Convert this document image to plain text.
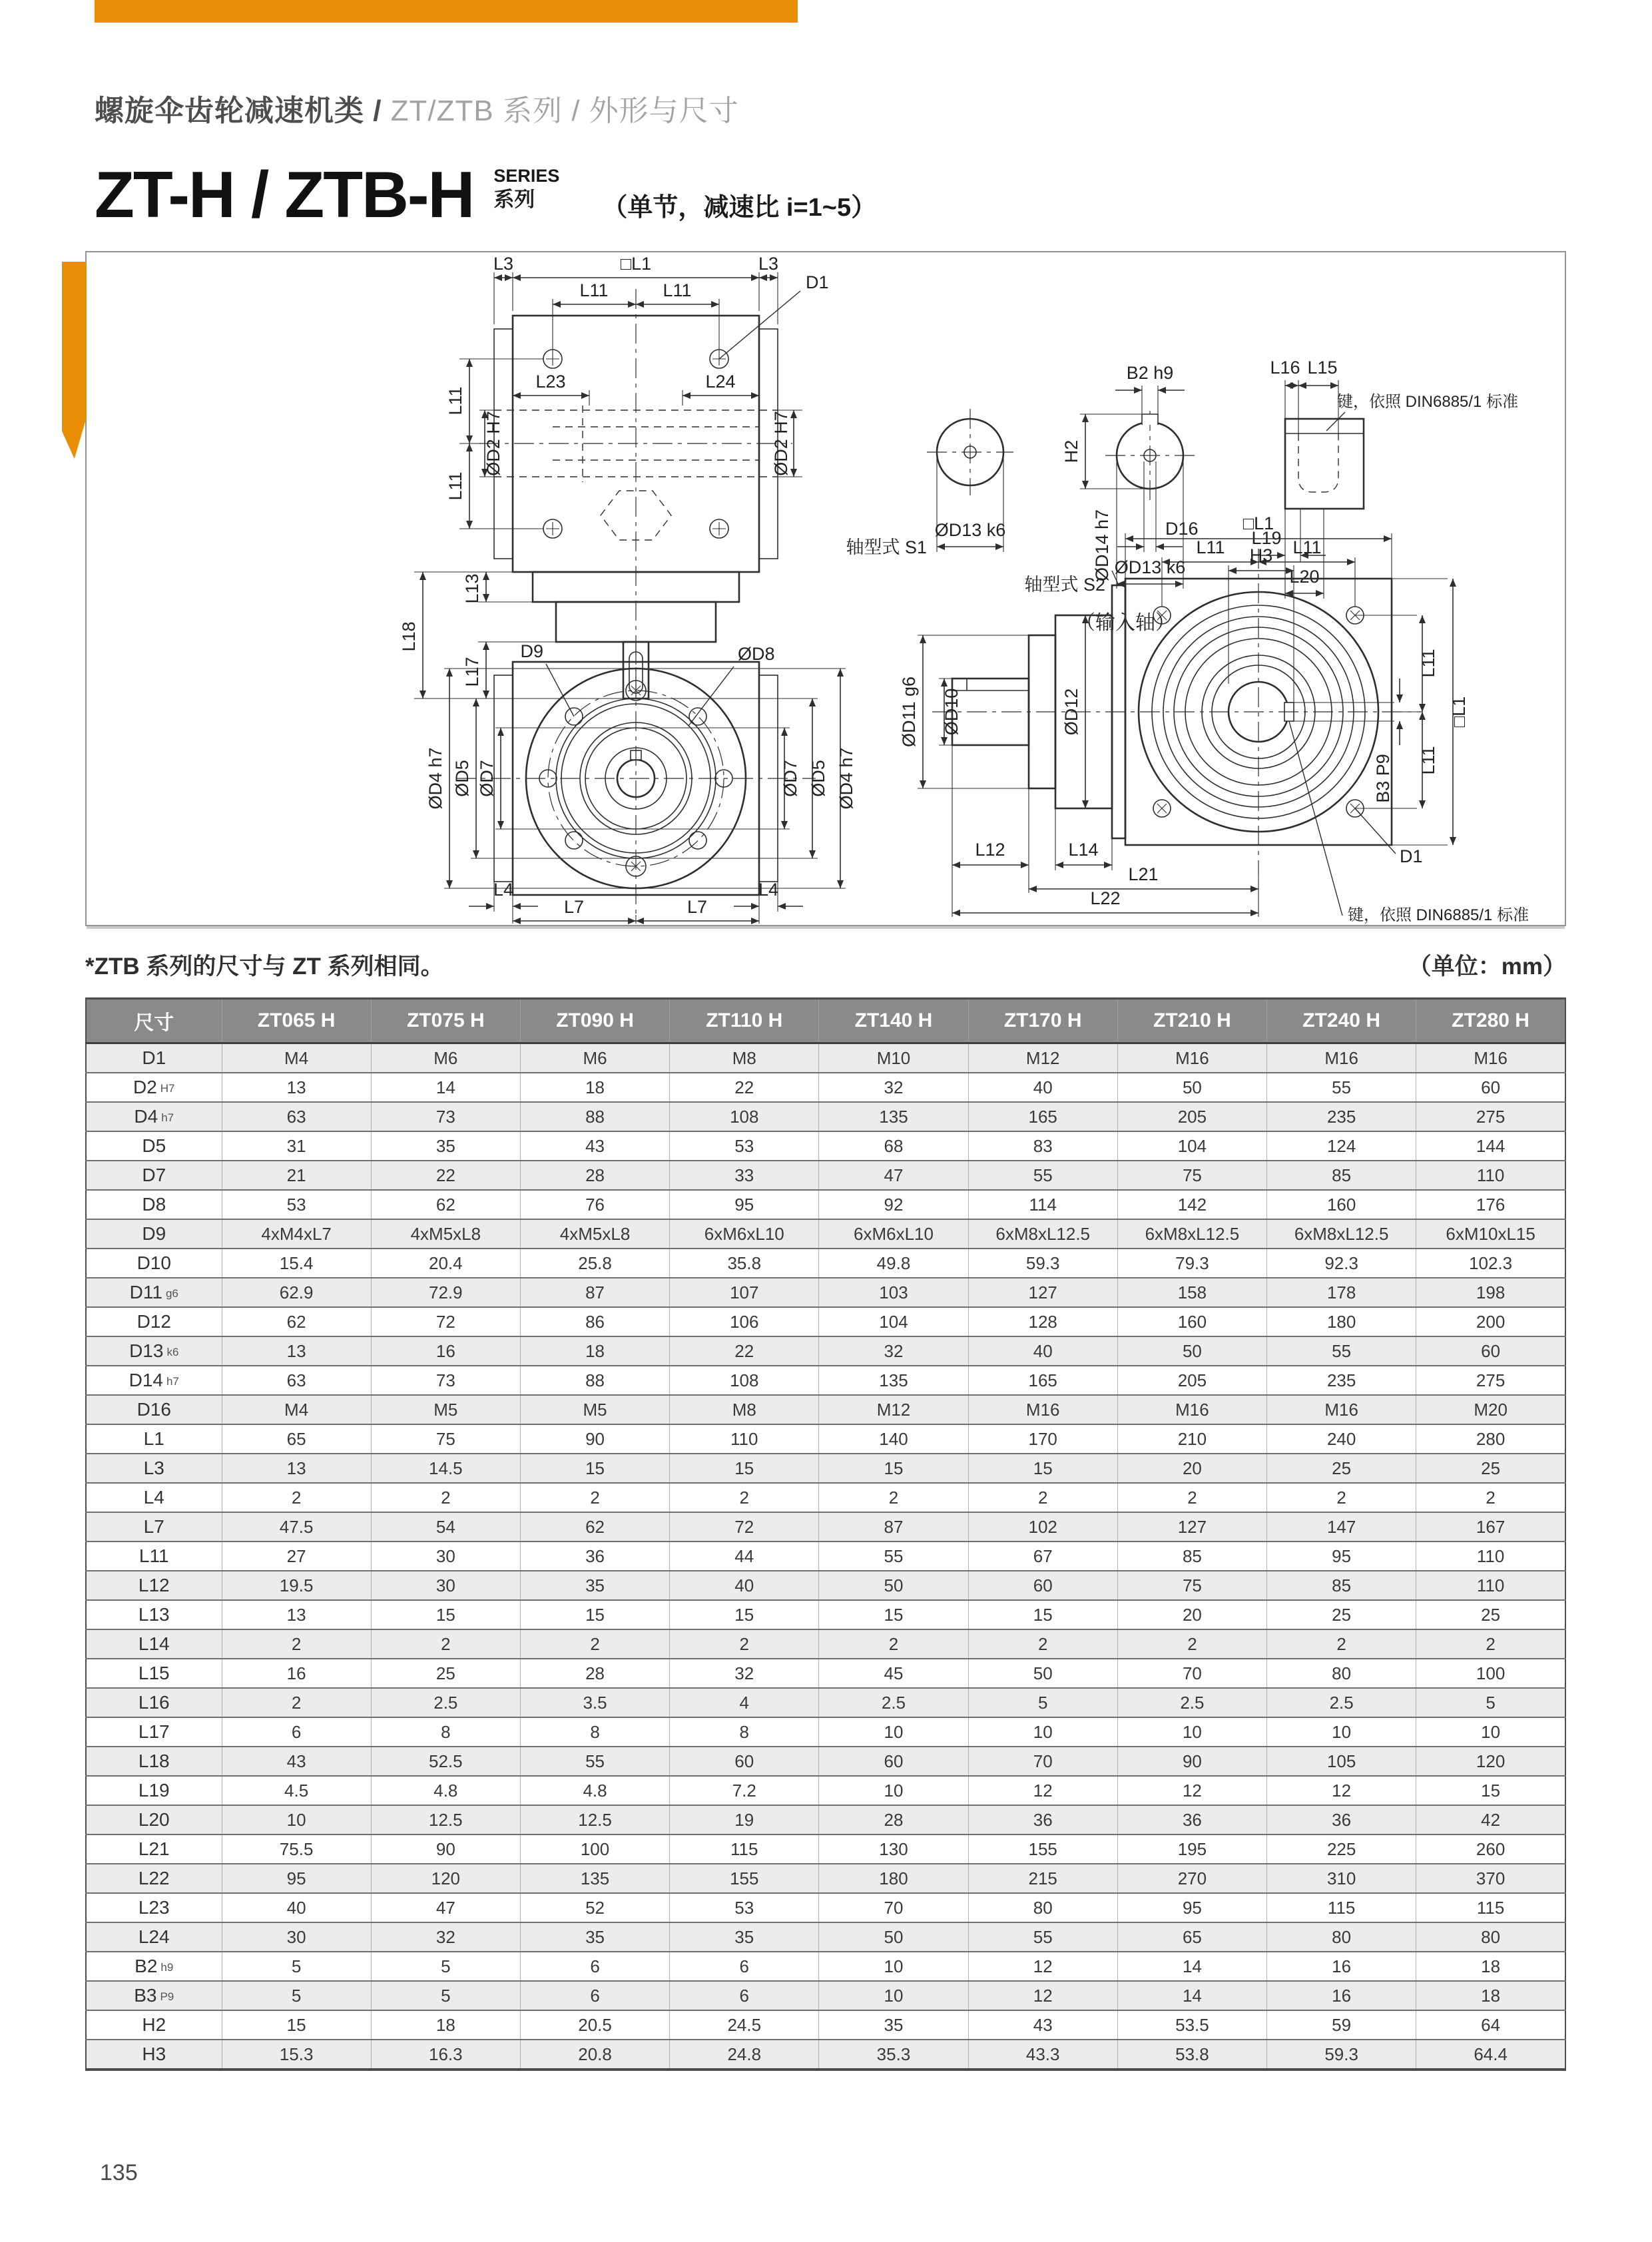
螺旋伞齿轮减速机类 / ZT/ZTB 系列 / 外形与尺寸
ZT-H / ZTB-H SERIES
系列	（单节，减速比 i=1~5）
L3	□L1	L3
L11	L11	D1
L23	L24
ØD2 H7
L11
L11
ØD2 H7
L13
L17
L18
ØD13 k6
轴型式 S1
B2 h9
H2
D16
ØD13 k6
轴型式 S2
（输入轴）
L16 L15
键，依照 DIN6885/1 标准
L19
L20
D9	ØD8
ØD4 h7 ØD5 ØD7	ØD7 ØD5 ØD4 h7
L4	L4
L7	L7
ØD14 h7
ØD12
ØD11 g6 ØD10
□L1
L11	L11
H3
L11
L11
□L1
B3 P9
D1
键，依照 DIN6885/1 标准
L12	L14
L21
L22
*ZTB 系列的尺寸与 ZT 系列相同。	（单位：mm）
尺寸	ZT065 H	ZT075 H	ZT090 H	ZT110 H	ZT140 H	ZT170 H	ZT210 H	ZT240 H	ZT280 H
D1	M4	M6	M6	M8	M10	M12	M16	M16	M16
D2 H7	13	14	18	22	32	40	50	55	60
D4 h7	63	73	88	108	135	165	205	235	275
D5	31	35	43	53	68	83	104	124	144
D7	21	22	28	33	47	55	75	85	110
D8	53	62	76	95	92	114	142	160	176
D9	4xM4xL7	4xM5xL8	4xM5xL8	6xM6xL10	6xM6xL10	6xM8xL12.5	6xM8xL12.5	6xM8xL12.5	6xM10xL15
D10	15.4	20.4	25.8	35.8	49.8	59.3	79.3	92.3	102.3
D11 g6	62.9	72.9	87	107	103	127	158	178	198
D12	62	72	86	106	104	128	160	180	200
D13 k6	13	16	18	22	32	40	50	55	60
D14 h7	63	73	88	108	135	165	205	235	275
D16	M4	M5	M5	M8	M12	M16	M16	M16	M20
L1	65	75	90	110	140	170	210	240	280
L3	13	14.5	15	15	15	15	20	25	25
L4	2	2	2	2	2	2	2	2	2
L7	47.5	54	62	72	87	102	127	147	167
L11	27	30	36	44	55	67	85	95	110
L12	19.5	30	35	40	50	60	75	85	110
L13	13	15	15	15	15	15	20	25	25
L14	2	2	2	2	2	2	2	2	2
L15	16	25	28	32	45	50	70	80	100
L16	2	2.5	3.5	4	2.5	5	2.5	2.5	5
L17	6	8	8	8	10	10	10	10	10
L18	43	52.5	55	60	60	70	90	105	120
L19	4.5	4.8	4.8	7.2	10	12	12	12	15
L20	10	12.5	12.5	19	28	36	36	36	42
L21	75.5	90	100	115	130	155	195	225	260
L22	95	120	135	155	180	215	270	310	370
L23	40	47	52	53	70	80	95	115	115
L24	30	32	35	35	50	55	65	80	80
B2 h9	5	5	6	6	10	12	14	16	18
B3 P9	5	5	6	6	10	12	14	16	18
H2	15	18	20.5	24.5	35	43	53.5	59	64
H3	15.3	16.3	20.8	24.8	35.3	43.3	53.8	59.3	64.4
135
